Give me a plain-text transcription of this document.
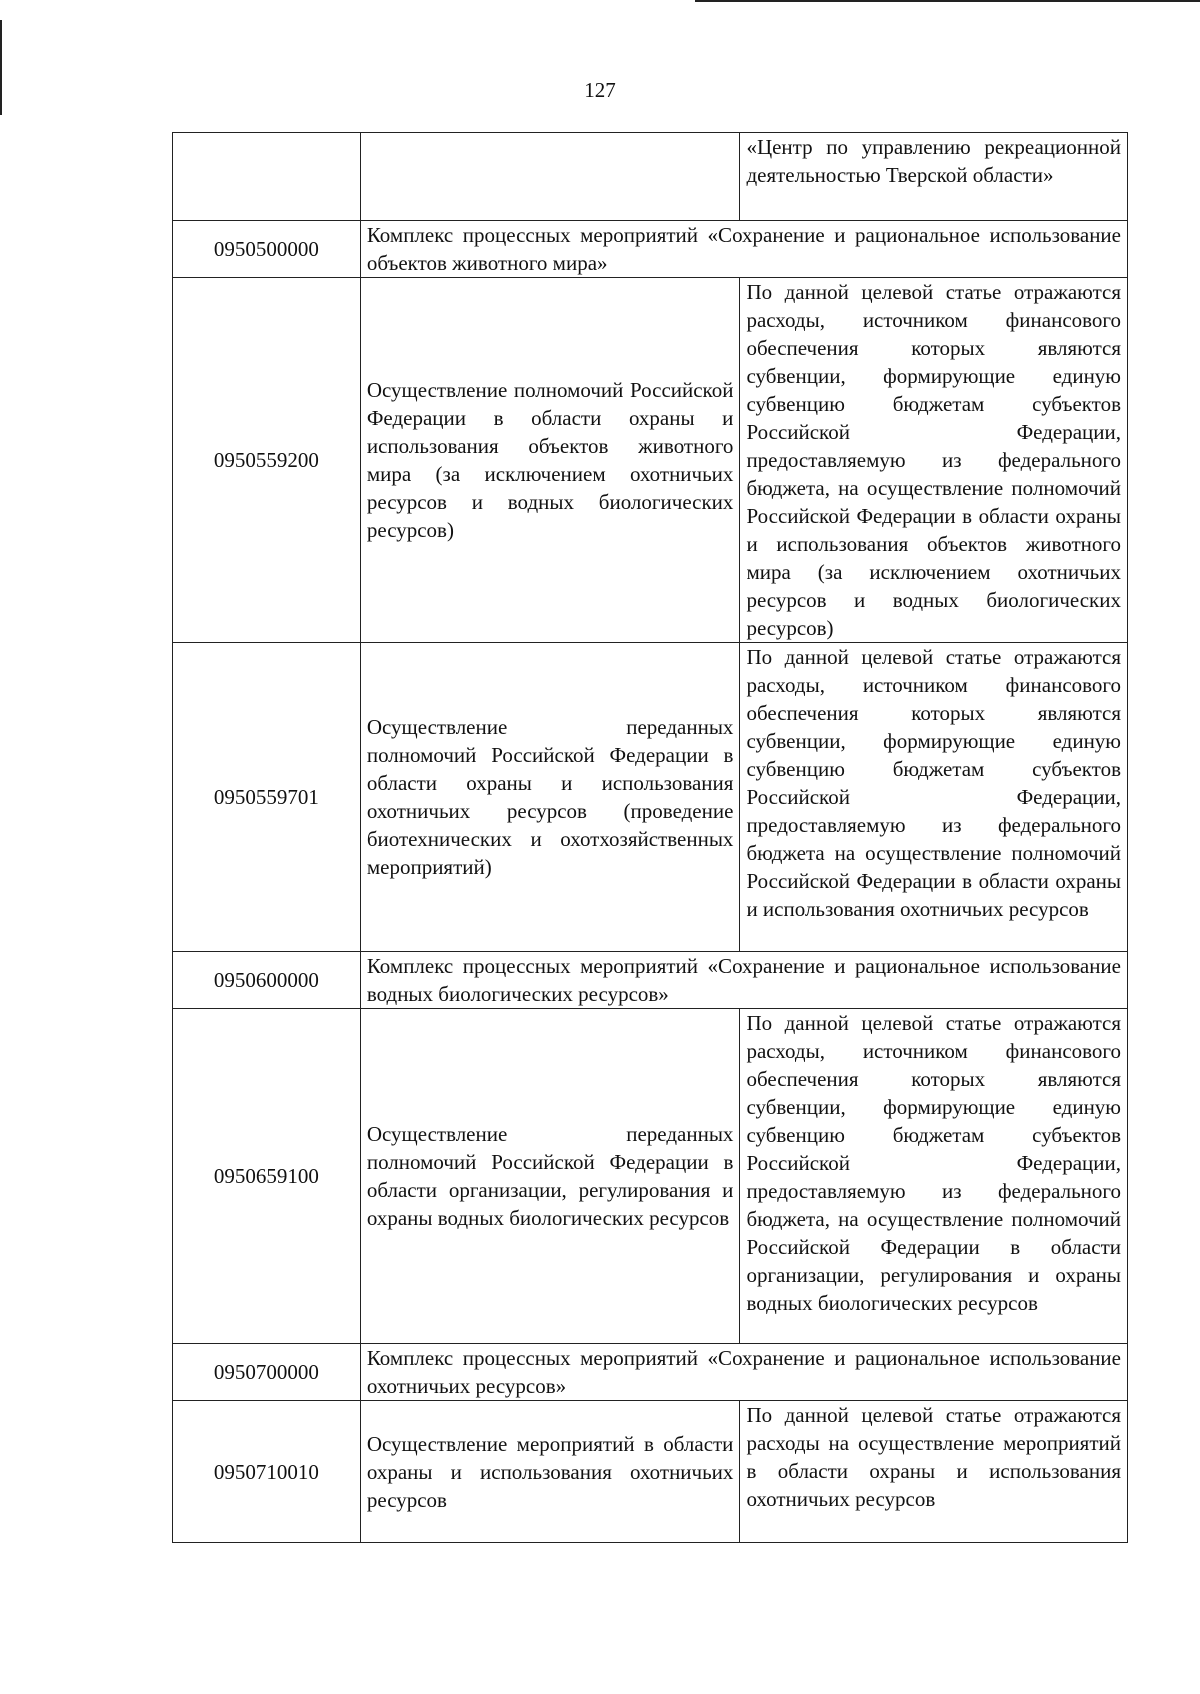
127
		«Центр по управлению рекреационной деятельностью Тверской области»
0950500000	Комплекс процессных мероприятий «Сохранение и рациональное использование объектов животного мира»	
0950559200	Осуществление полномочий Российской Федерации в области охраны и использования объектов животного мира (за исключением охотничьих ресурсов и водных биологических ресурсов)	По данной целевой статье отражаются расходы, источником финансового обеспечения которых являются субвенции, формирующие единую субвенцию бюджетам субъектов Российской Федерации, предоставляемую из федерального бюджета, на осуществление полномочий Российской Федерации в области охраны и использования объектов животного мира (за исключением охотничьих ресурсов и водных биологических ресурсов)
0950559701	Осуществление переданных полномочий Российской Федерации в области охраны и использования охотничьих ресурсов (проведение биотехнических и охотхозяйственных мероприятий)	По данной целевой статье отражаются расходы, источником финансового обеспечения которых являются субвенции, формирующие единую субвенцию бюджетам субъектов Российской Федерации, предоставляемую из федерального бюджета на осуществление полномочий Российской Федерации в области охраны и использования охотничьих ресурсов
0950600000	Комплекс процессных мероприятий «Сохранение и рациональное использование водных биологических ресурсов»	
0950659100	Осуществление переданных полномочий Российской Федерации в области организации, регулирования и охраны водных биологических ресурсов	По данной целевой статье отражаются расходы, источником финансового обеспечения которых являются субвенции, формирующие единую субвенцию бюджетам субъектов Российской Федерации, предоставляемую из федерального бюджета, на осуществление полномочий Российской Федерации в области организации, регулирования и охраны водных биологических ресурсов
0950700000	Комплекс процессных мероприятий «Сохранение и рациональное использование охотничьих ресурсов»	
0950710010	Осуществление мероприятий в области охраны и использования охотничьих ресурсов	По данной целевой статье отражаются расходы на осуществление мероприятий в области охраны и использования охотничьих ресурсов
